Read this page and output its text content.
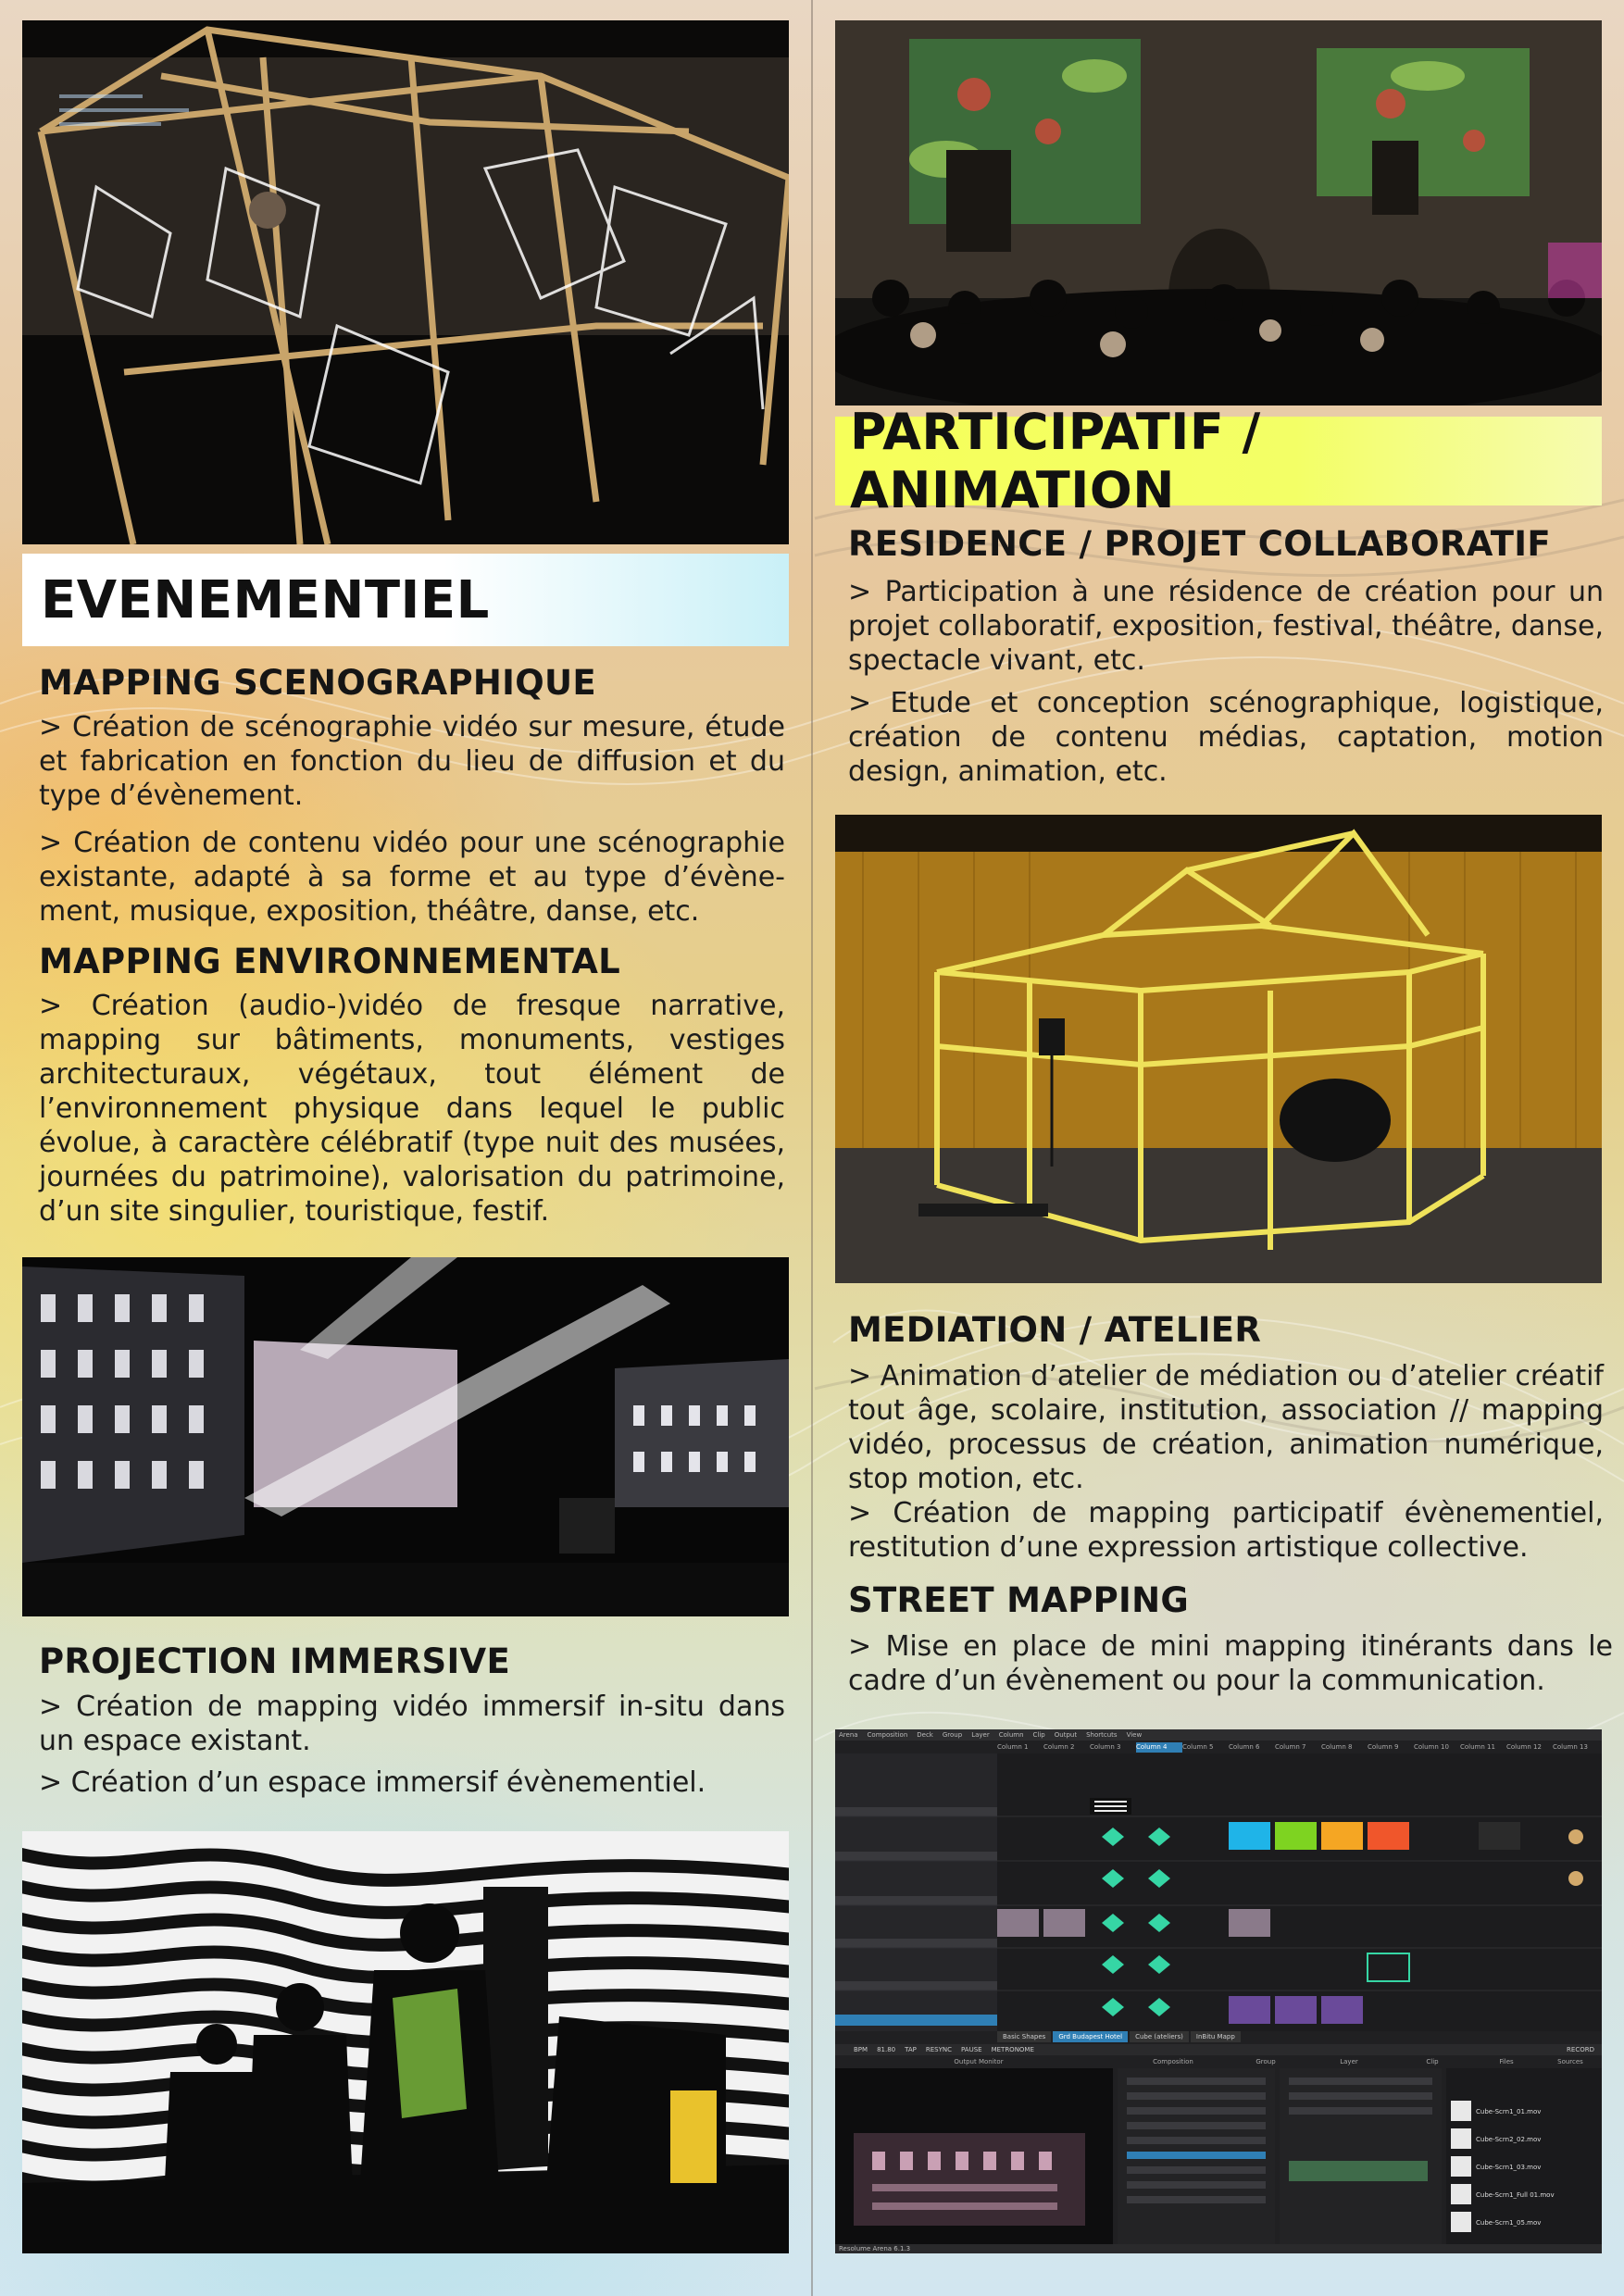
EVENEMENTIEL
MAPPING SCENOGRAPHIQUE

> Création de scénographie vidéo sur mesure, étude et fabrication en fonction du lieu de diffusion et du type d’évènement.

> Création de contenu vidéo pour une scénographie existante, adapté à sa forme et au type d’évène-ment, musique, exposition, théâtre, danse, etc.

MAPPING ENVIRONNEMENTAL

> Création (audio-)vidéo de fresque narrative, mapping sur bâtiments, monuments, vestiges architecturaux, végétaux, tout élément de l’environnement physique dans lequel le public évolue, à caractère célébratif (type nuit des musées, journées du patrimoine), valorisation du patrimoine, d’un site singulier, touristique, festif.

PROJECTION IMMERSIVE

> Création de mapping vidéo immersif in-situ dans un espace existant.

> Création d’un espace immersif évènementiel.

PARTICIPATIF / ANIMATION
RESIDENCE / PROJET COLLABORATIF

> Participation à une résidence de création pour un projet collaboratif, exposition, festival, théâtre, danse, spectacle vivant, etc.

> Etude et conception scénographique, logistique, création de contenu médias, captation, motion design, animation, etc.

MEDIATION / ATELIER

> Animation d’atelier de médiation ou d’atelier créatif tout âge, scolaire, institution, association // mapping vidéo, processus de création, animation numérique, stop motion, etc.

> Création de mapping participatif évènementiel, restitution d’une expression artistique collective.

STREET MAPPING

> Mise en place de mini mapping itinérants dans le cadre d’un évènement ou pour la communication.

Arena Composition Deck Group Layer Column Clip Output Shortcuts View
Column 1	Column 2	Column 3	Column 4	Column 5	Column 6	Column 7	Column 8	Column 9	Column 10	Column 11	Column 12	Column 13
Basic Shapes	Grd Budapest Hotel	Cube (ateliers)	InBitu Mapp
BPM 81.80 TAP RESYNC PAUSE METRONOME	RECORD
Output Monitor	Composition	Group	Layer	Clip	Files	Sources
Cube-Scrn1_01.mov
Cube-Scrn2_02.mov
Cube-Scrn1_03.mov
Cube-Scrn1_Full 01.mov
Cube-Scrn1_05.mov
Resolume Arena 6.1.3
